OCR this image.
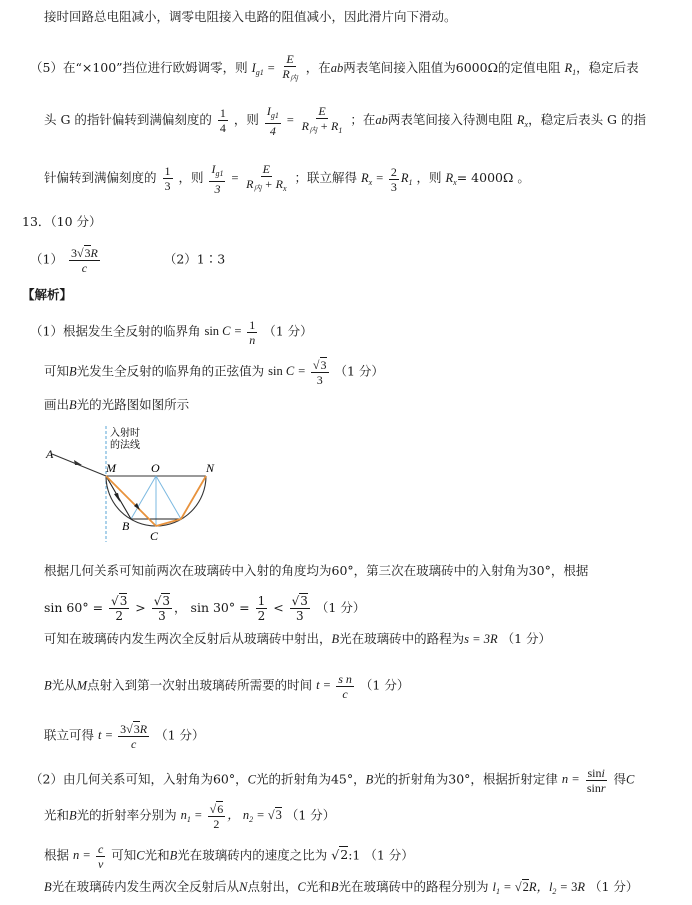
接时回路总电阻减小，调零电阻接入电路的阻值减小，因此滑片向下滑动。
（5）在“×100”挡位进行欧姆调零，则 $I_{g1} = \frac{E}{R_内}$ ，在ab两表笔间接入阻值为6000Ω的定值电阻 $R_1$，稳定后表
头 G 的指针偏转到满偏刻度的 $\frac{1}{4}$ ，则 $\frac{I_{g1}}{4} = \frac{E}{R_内 + R_1}$ ；在ab两表笔间接入待测电阻 $R_x$，稳定后表头 G 的指
针偏转到满偏刻度的 $\frac{1}{3}$ ，则 $\frac{I_{g1}}{3} = \frac{E}{R_内 + R_x}$ ；联立解得 $R_x = \frac{2}{3} R_1$ ，则 $R_x= 4000\Omega$ 。
13．（10 分）
$(1) \frac{3√3R}{c}$	（2）1∶3
【解析】
（1）根据发生全反射的临界角 $\sin C = \frac{1}{n} (1$ 分）
可知B光发生全反射的临界角的正弦值为 $\sin C = \frac{√3}{3} (1$ 分）
画出B光的光路图如图所示
入射时
的法线
A
M	O	N
B
C
根据几何关系可知前两次在玻璃砖中入射的角度均为60°，第三次在玻璃砖中的入射角为30°，根据
$\sin 60^\circ = \frac{√3}{2} > \frac{√3}{3}$ ， $\sin 30^\circ = \frac{1}{2} < \frac{√3}{3} (1$ 分）
可知在玻璃砖内发生两次全反射后从玻璃砖中射出，B光在玻璃砖中的路程为s = 3R （1 分）
B光从M点射入到第一次射出玻璃砖所需要的时间 $t = \frac{\text{s n}}{c} (1$ 分）
联立可得 $t = \frac{3√3R}{c} (1$ 分）
（2）由几何关系可知，入射角为60°，C光的折射角为45°，B光的折射角为30°，根据折射定律 $n = \frac{\sin i}{\sin r}$ 得C
光和B光的折射率分别为 $n_1 = \frac{√6}{2}$ ， $n_2 = √3$ （1 分）
根据 $n = \frac{c}{v}$ 可知C光和B光在玻璃砖内的速度之比为 √2:1 （1 分）
B光在玻璃砖内发生两次全反射后从N点射出，C光和B光在玻璃砖中的路程分别为 $l_1 = √2R$，$l_2 = 3R$ （1 分）
